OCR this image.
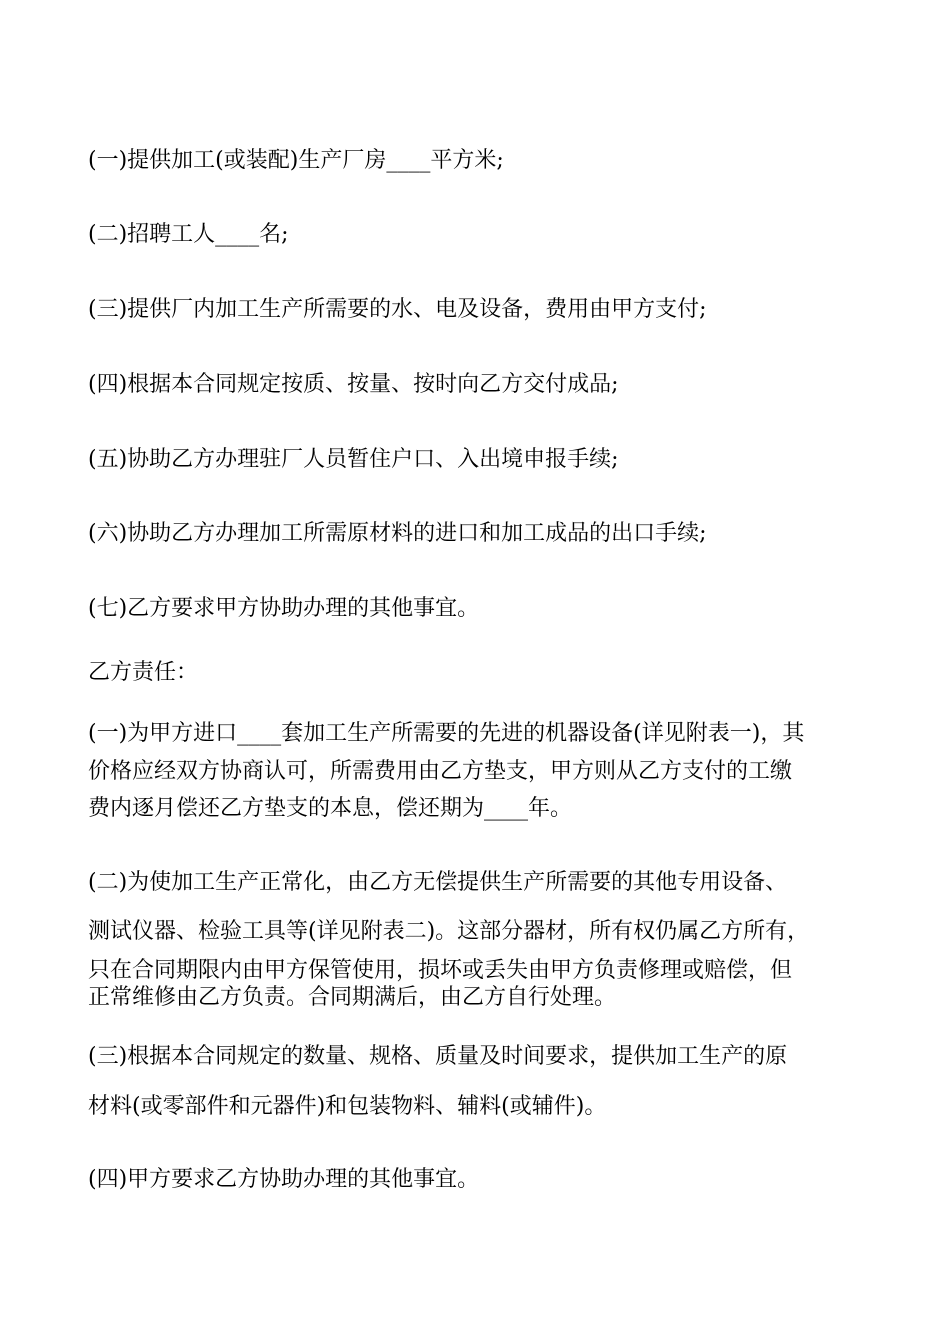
(一)提供加工(或装配)生产厂房____平方米;
(二)招聘工人____名;
(三)提供厂内加工生产所需要的水、电及设备，费用由甲方支付;
(四)根据本合同规定按质、按量、按时向乙方交付成品;
(五)协助乙方办理驻厂人员暂住户口、入出境申报手续;
(六)协助乙方办理加工所需原材料的进口和加工成品的出口手续;
(七)乙方要求甲方协助办理的其他事宜。
乙方责任：
(一)为甲方进口____套加工生产所需要的先进的机器设备(详见附表一)，其
价格应经双方协商认可，所需费用由乙方垫支，甲方则从乙方支付的工缴
费内逐月偿还乙方垫支的本息，偿还期为____年。
(二)为使加工生产正常化，由乙方无偿提供生产所需要的其他专用设备、
测试仪器、检验工具等(详见附表二)。这部分器材，所有权仍属乙方所有，
只在合同期限内由甲方保管使用，损坏或丢失由甲方负责修理或赔偿，但
正常维修由乙方负责。合同期满后，由乙方自行处理。
(三)根据本合同规定的数量、规格、质量及时间要求，提供加工生产的原
材料(或零部件和元器件)和包装物料、辅料(或辅件)。
(四)甲方要求乙方协助办理的其他事宜。
